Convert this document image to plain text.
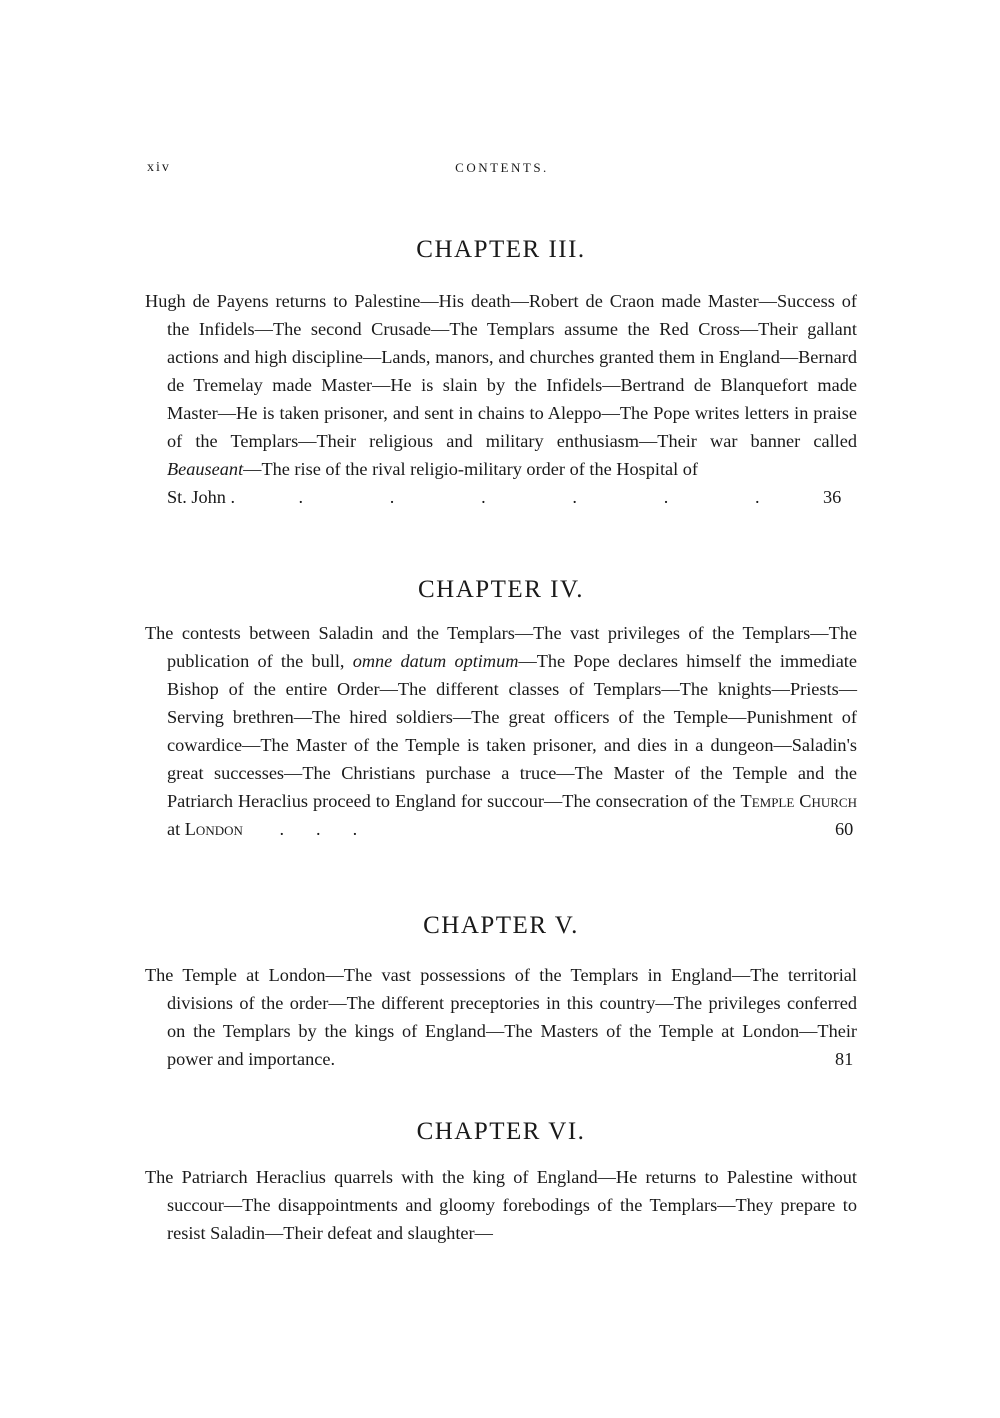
xiv	CONTENTS.
CHAPTER III.

Hugh de Payens returns to Palestine—His death—Robert de Craon made Master—Success of the Infidels—The second Crusade—The Templars assume the Red Cross—Their gallant actions and high discipline—Lands, manors, and churches granted them in England—Bernard de Tremelay made Master—He is slain by the Infidels—Bertrand de Blanquefort made Master—He is taken prisoner, and sent in chains to Aleppo—The Pope writes letters in praise of the Templars—Their religious and military enthusiasm—Their war banner called Beauseant—The rise of the rival religio-military order of the Hospital of

St. John .	.	.	.	.	.	.	36
CHAPTER IV.

The contests between Saladin and the Templars—The vast privileges of the Templars—The publication of the bull, omne datum optimum—The Pope declares himself the immediate Bishop of the entire Order—The different classes of Templars—The knights—Priests—Serving brethren—The hired soldiers—The great officers of the Temple—Punishment of cowardice—The Master of the Temple is taken prisoner, and dies in a dungeon—Saladin's great successes—The Christians purchase a truce—The Master of the Temple and the Patriarch Heraclius proceed to England for succour—The consecration of the Temple Church at London        .       .       .	60

CHAPTER V.

The Temple at London—The vast possessions of the Templars in England—The territorial divisions of the order—The different preceptories in this country—The privileges conferred on the Templars by the kings of England—The Masters of the Temple at London—Their power and importance.	81

CHAPTER VI.

The Patriarch Heraclius quarrels with the king of England—He returns to Palestine without succour—The disappointments and gloomy forebodings of the Templars—They prepare to resist Saladin—Their defeat and slaughter—
